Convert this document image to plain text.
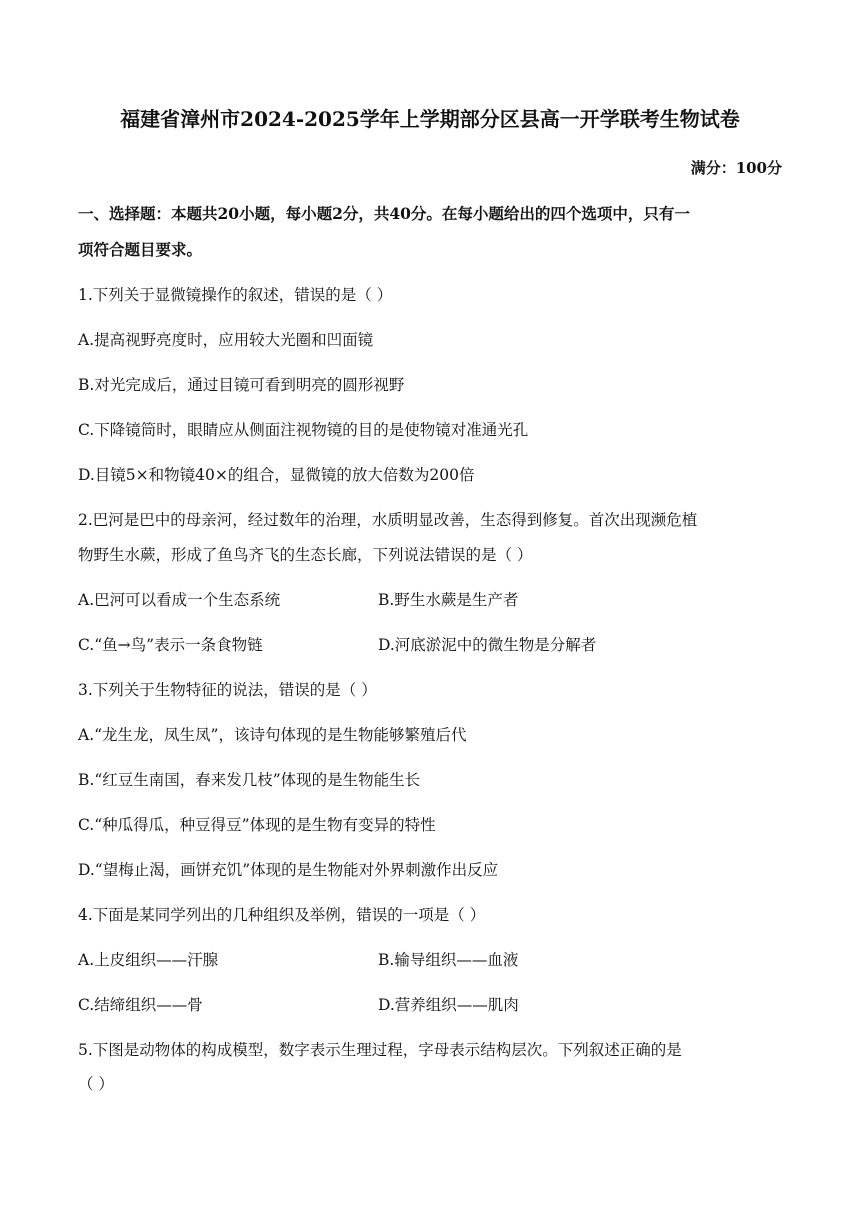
福建省漳州市2024-2025学年上学期部分区县高一开学联考生物试卷
满分：100分
一、选择题：本题共20小题，每小题2分，共40分。在每小题给出的四个选项中，只有一
项符合题目要求。
1.下列关于显微镜操作的叙述，错误的是（ ）
A.提高视野亮度时，应用较大光圈和凹面镜
B.对光完成后，通过目镜可看到明亮的圆形视野
C.下降镜筒时，眼睛应从侧面注视物镜的目的是使物镜对准通光孔
D.目镜5×和物镜40×的组合，显微镜的放大倍数为200倍
2.巴河是巴中的母亲河，经过数年的治理，水质明显改善，生态得到修复。首次出现濒危植
物野生水蕨，形成了鱼鸟齐飞的生态长廊，下列说法错误的是（ ）
A.巴河可以看成一个生态系统	B.野生水蕨是生产者
C.“鱼→鸟”表示一条食物链	D.河底淤泥中的微生物是分解者
3.下列关于生物特征的说法，错误的是（ ）
A.“龙生龙，凤生凤”，该诗句体现的是生物能够繁殖后代
B.“红豆生南国，春来发几枝”体现的是生物能生长
C.“种瓜得瓜，种豆得豆”体现的是生物有变异的特性
D.“望梅止渴，画饼充饥”体现的是生物能对外界刺激作出反应
4.下面是某同学列出的几种组织及举例，错误的一项是（ ）
A.上皮组织——汗腺	B.输导组织——血液
C.结缔组织——骨	D.营养组织——肌肉
5.下图是动物体的构成模型，数字表示生理过程，字母表示结构层次。下列叙述正确的是
（ ）
